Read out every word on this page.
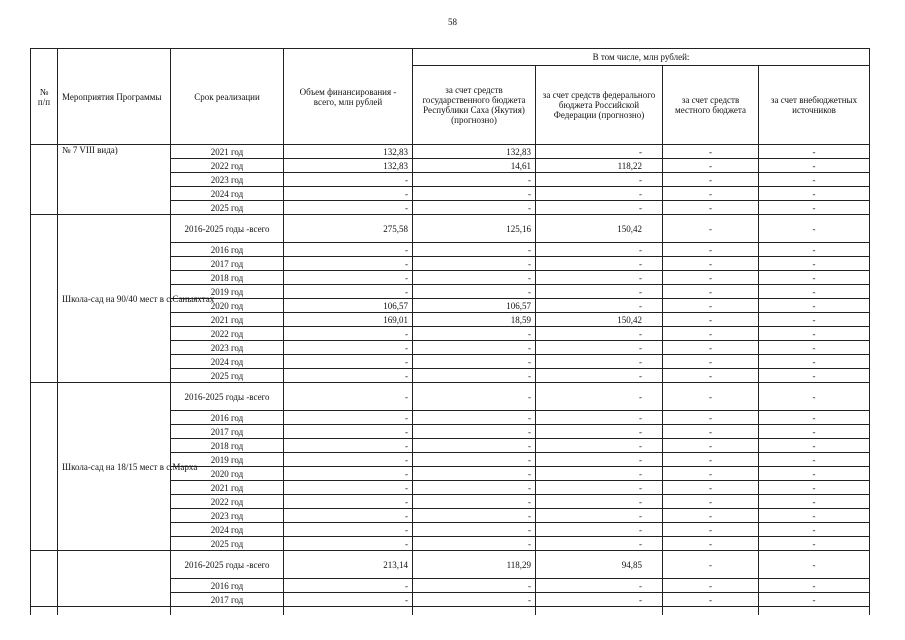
58
№ п/п	Мероприятия Программы	Срок реализации	Объем финансирования - всего, млн рублей	В том числе, млн рублей:			
				за счет средств государственного бюджета Республики Саха (Якутия) (прогнозно)	за счет средств федерального бюджета Российской Федерации (прогнозно)	за счет средств местного бюджета	за счет внебюджетных источников
	№ 7 VIII вида)	2021 год	132,83	132,83	-	-	-
		2022 год	132,83	14,61	118,22	-	-
		2023 год	-	-	-	-	-
		2024 год	-	-	-	-	-
		2025 год	-	-	-	-	-
	Школа-сад на 90/40 мест в с.Саныяхтах	2016-2025 годы -всего	275,58	125,16	150,42	-	-
		2016 год	-	-	-	-	-
		2017 год	-	-	-	-	-
		2018 год	-	-	-	-	-
		2019 год	-	-	-	-	-
		2020 год	106,57	106,57	-	-	-
		2021 год	169,01	18,59	150,42	-	-
		2022 год	-	-	-	-	-
		2023 год	-	-	-	-	-
		2024 год	-	-	-	-	-
		2025 год	-	-	-	-	-
	Школа-сад на 18/15 мест в с.Марха	2016-2025 годы -всего	-	-	-	-	-
		2016 год	-	-	-	-	-
		2017 год	-	-	-	-	-
		2018 год	-	-	-	-	-
		2019 год	-	-	-	-	-
		2020 год	-	-	-	-	-
		2021 год	-	-	-	-	-
		2022 год	-	-	-	-	-
		2023 год	-	-	-	-	-
		2024 год	-	-	-	-	-
		2025 год	-	-	-	-	-
		2016-2025 годы -всего	213,14	118,29	94,85	-	-
		2016 год	-	-	-	-	-
		2017 год	-	-	-	-	-
